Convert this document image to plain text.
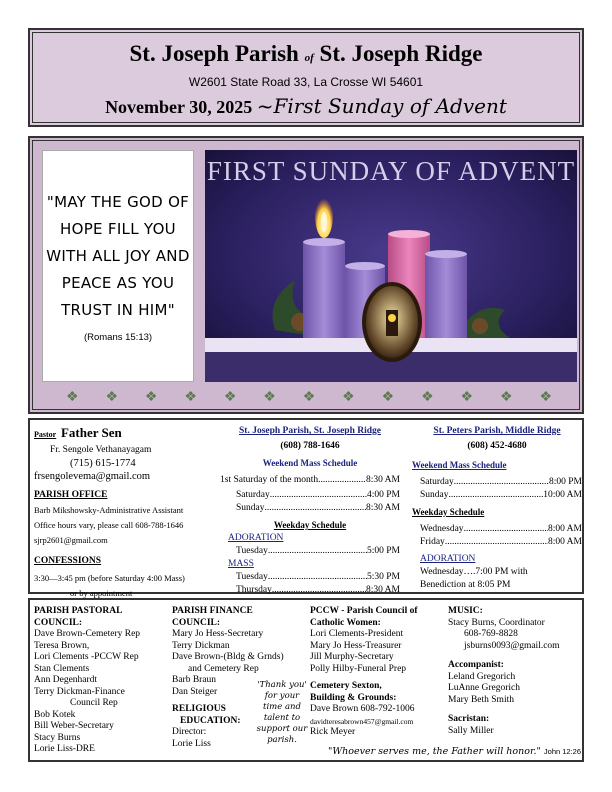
St. Joseph Parish of St. Joseph Ridge
W2601 State Road 33, La Crosse WI 54601
November 30, 2025 ~First Sunday of Advent
"MAY THE GOD OF HOPE FILL YOU WITH ALL JOY AND PEACE AS YOU TRUST IN HIM"
(Romans 15:13)
FIRST SUNDAY OF ADVENT
❖ ❖ ❖ ❖ ❖ ❖ ❖ ❖ ❖ ❖ ❖ ❖ ❖
Pastor Father Sen
Fr. Sengole Vethanayagam
(715) 615-1774
frsengolevema@gmail.com
PARISH OFFICE
Barb Mikshowsky-Administrative Assistant
Office hours vary, please call 608-788-1646
sjrp2601@gmail.com
CONFESSIONS
3:30—3:45 pm (before Saturday 4:00 Mass)
or by appointment
St. Joseph Parish, St. Joseph Ridge
(608) 788-1646
Weekend Mass Schedule
1st Saturday of the month .....	8:30 AM
Saturday .....	4:00 PM
Sunday .....	8:30 AM
Weekday Schedule
ADORATION
Tuesday .....	5:00 PM
MASS
Tuesday .....	5:30 PM
Thursday .....	8:30 AM
St. Peters Parish, Middle Ridge
(608) 452-4680
Weekend Mass Schedule
Saturday .....	8:00 PM
Sunday .....	10:00 AM
Weekday Schedule
Wednesday .....	8:00 AM
Friday .....	8:00 AM
ADORATION
Wednesday….7:00 PM with
Benediction at 8:05 PM
PARISH PASTORAL
COUNCIL:
Dave Brown-Cemetery Rep
Teresa Brown,
Lori Clements -PCCW Rep
Stan Clements
Ann Degenhardt
Terry Dickman-Finance
Council Rep
Bob Kotek
Bill Weber-Secretary
Stacy Burns
Lorie Liss-DRE
PARISH FINANCE
COUNCIL:
Mary Jo Hess-Secretary
Terry Dickman
Dave Brown-(Bldg & Grnds)
and Cemetery Rep
Barb Braun
Dan Steiger
RELIGIOUS
EDUCATION:
Director:
Lorie Liss
'Thank you'
for your
time and
talent to
support our
parish.
PCCW - Parish Council of
Catholic Women:
Lori Clements-President
Mary Jo Hess-Treasurer
Jill Murphy-Secretary
Polly Hilby-Funeral Prep
Cemetery Sexton,
Building & Grounds:
Dave Brown 608-792-1006
davidteresabrown457@gmail.com
Rick Meyer
MUSIC:
Stacy Burns, Coordinator
608-769-8828
jsburns0093@gmail.com
Accompanist:
Leland Gregorich
LuAnne Gregorich
Mary Beth Smith
Sacristan:
Sally Miller
"Whoever serves me, the Father will honor." John 12:26
